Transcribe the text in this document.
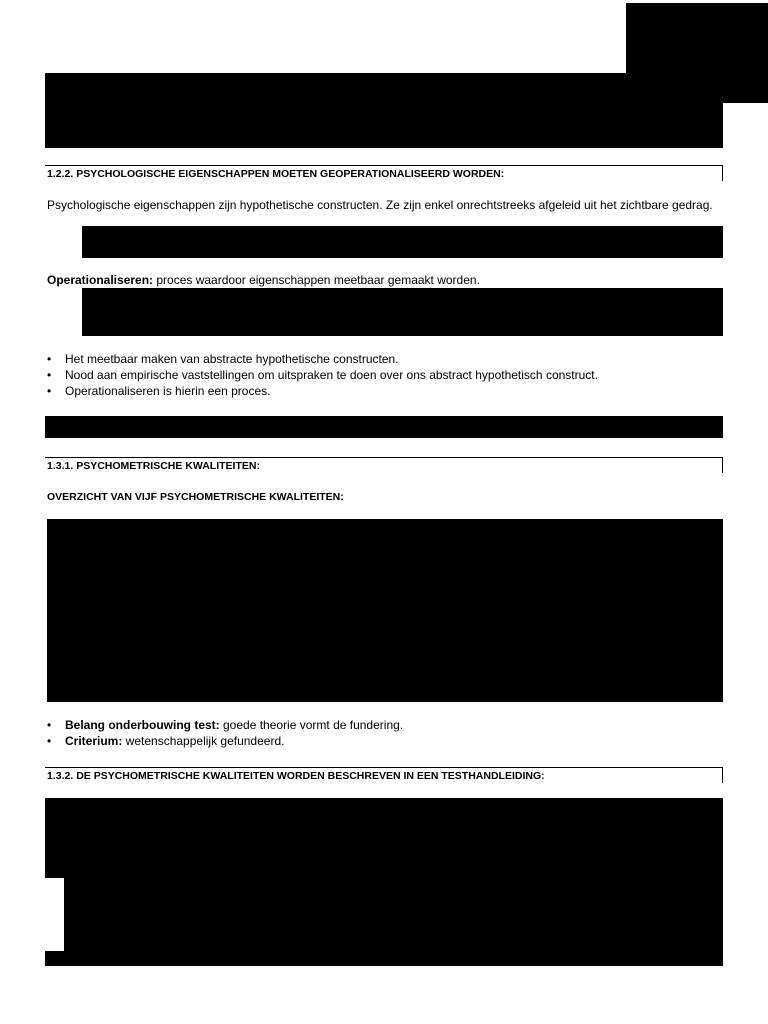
1.2.2. PSYCHOLOGISCHE EIGENSCHAPPEN MOETEN GEOPERATIONALISEERD WORDEN:
Psychologische eigenschappen zijn hypothetische constructen. Ze zijn enkel onrechtstreeks afgeleid uit het zichtbare gedrag.
Operationaliseren: proces waardoor eigenschappen meetbaar gemaakt worden.
• Het meetbaar maken van abstracte hypothetische constructen.
• Nood aan empirische vaststellingen om uitspraken te doen over ons abstract hypothetisch construct.
• Operationaliseren is hierin een proces.
1.3.1. PSYCHOMETRISCHE KWALITEITEN:
OVERZICHT VAN VIJF PSYCHOMETRISCHE KWALITEITEN:
• Belang onderbouwing test: goede theorie vormt de fundering.
• Criterium: wetenschappelijk gefundeerd.
1.3.2. DE PSYCHOMETRISCHE KWALITEITEN WORDEN BESCHREVEN IN EEN TESTHANDLEIDING:
